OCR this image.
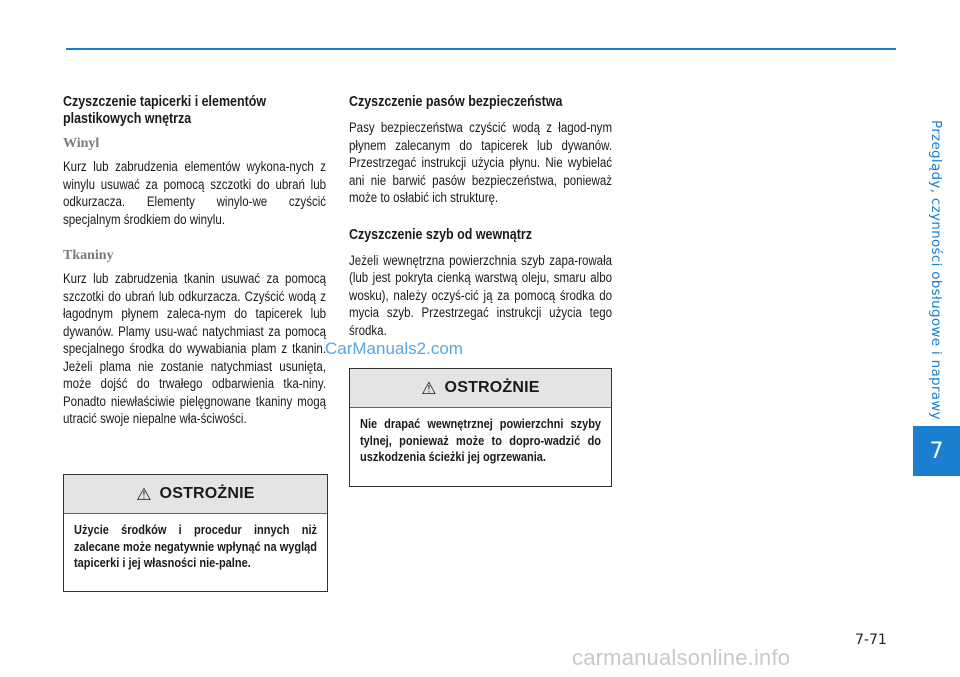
Przeglądy, czynności obsługowe i naprawy
7
Czyszczenie tapicerki i elementów plastikowych wnętrza
Winyl

Kurz lub zabrudzenia elementów wykona-nych z winylu usuwać za pomocą szczotki do ubrań lub odkurzacza. Elementy winylo-we czyścić specjalnym środkiem do winylu.

Tkaniny

Kurz lub zabrudzenia tkanin usuwać za pomocą szczotki do ubrań lub odkurzacza. Czyścić wodą z łagodnym płynem zaleca-nym do tapicerek lub dywanów. Plamy usu-wać natychmiast za pomocą specjalnego środka do wywabiania plam z tkanin. Jeżeli plama nie zostanie natychmiast usunięta, może dojść do trwałego odbarwienia tka-niny. Ponadto niewłaściwie pielęgnowane tkaniny mogą utracić swoje niepalne wła-ściwości.

⚠ OSTROŻNIE

Użycie środków i procedur innych niż zalecane może negatywnie wpłynąć na wygląd tapicerki i jej własności nie-palne.

Czyszczenie pasów bezpieczeństwa

Pasy bezpieczeństwa czyścić wodą z łagod-nym płynem zalecanym do tapicerek lub dywanów. Przestrzegać instrukcji użycia płynu. Nie wybielać ani nie barwić pasów bezpieczeństwa, ponieważ może to osłabić ich strukturę.

Czyszczenie szyb od wewnątrz

Jeżeli wewnętrzna powierzchnia szyb zapa-rowała (lub jest pokryta cienką warstwą oleju, smaru albo wosku), należy oczyś-cić ją za pomocą środka do mycia szyb. Przestrzegać instrukcji użycia tego środka.

⚠ OSTROŻNIE

Nie drapać wewnętrznej powierzchni szyby tylnej, ponieważ może to dopro-wadzić do uszkodzenia ścieżki jej ogrzewania.

CarManuals2.com
7-71
carmanualsonline.info
